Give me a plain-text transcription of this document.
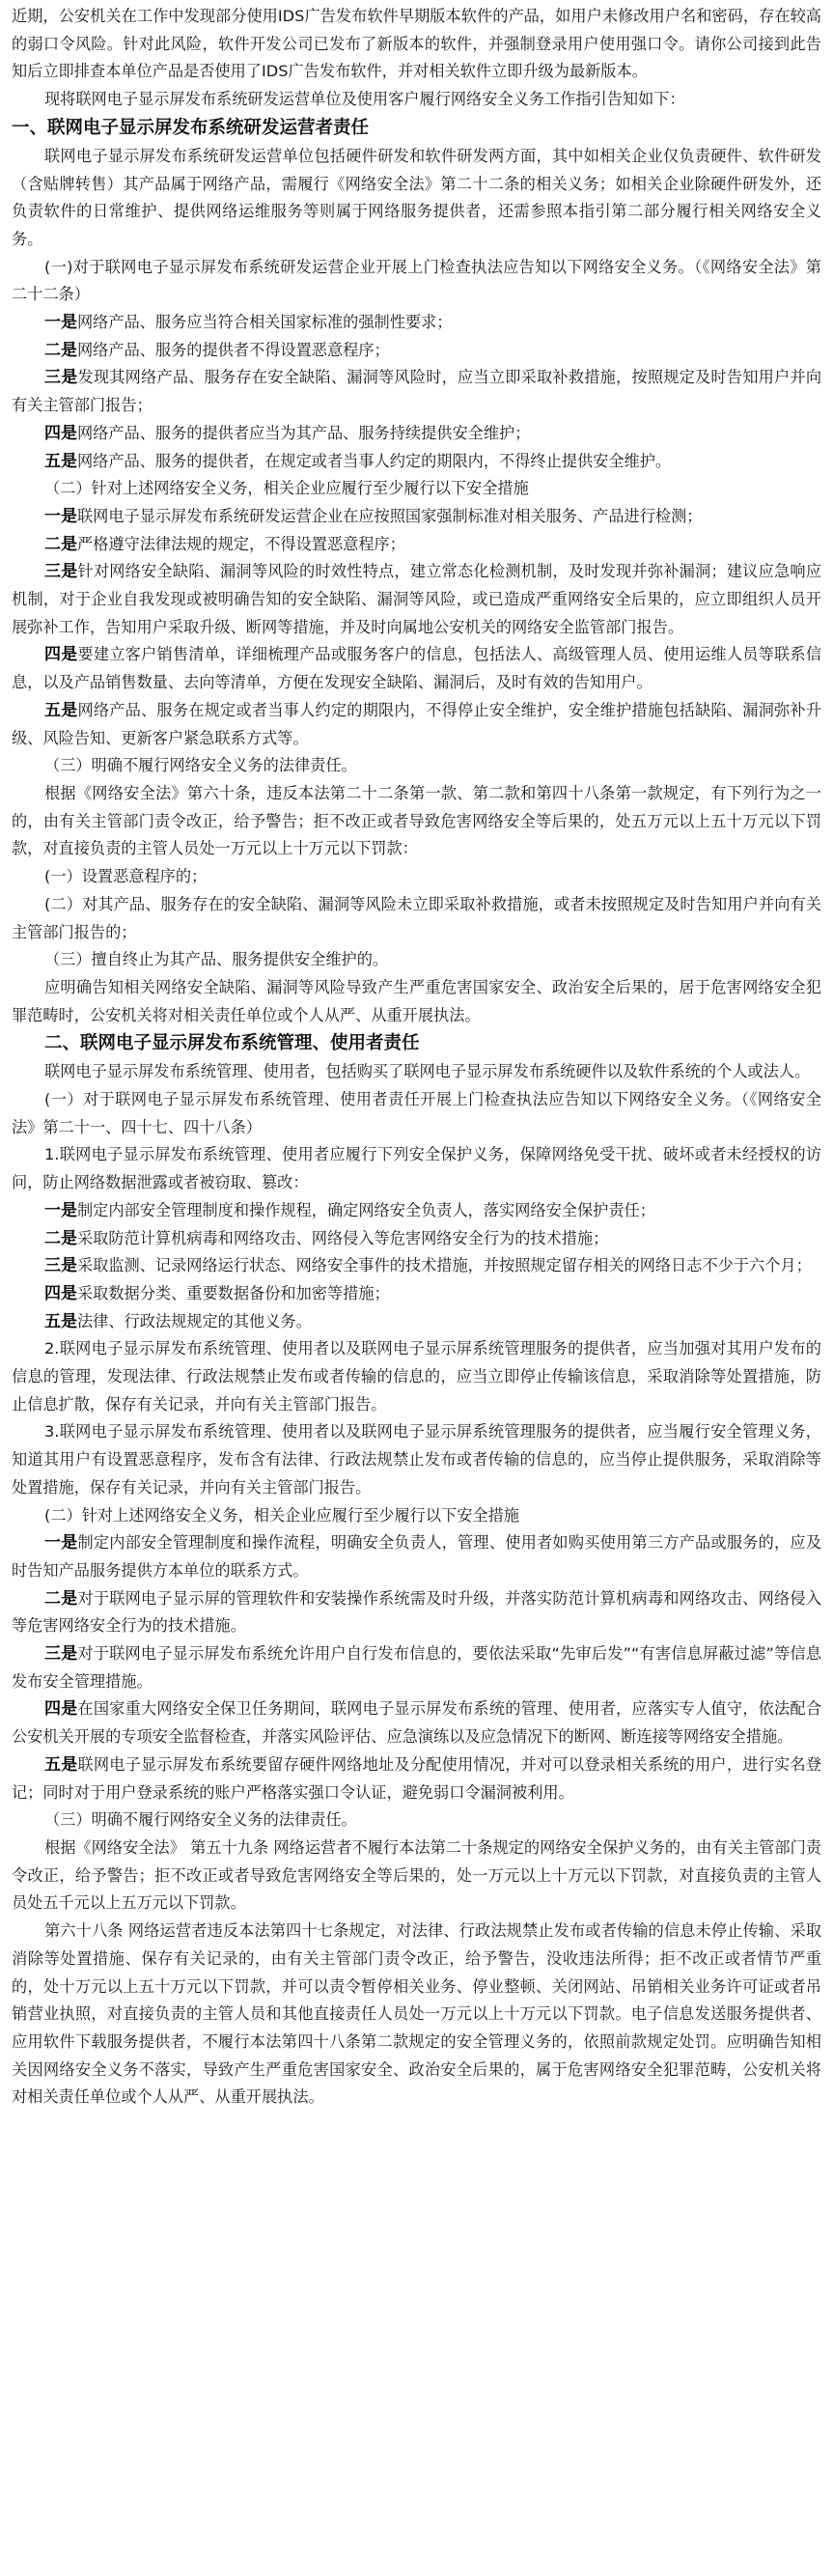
近期，公安机关在工作中发现部分使用IDS广告发布软件早期版本软件的产品，如用户未修改用户名和密码，存在较高的弱口令风险。针对此风险，软件开发公司已发布了新版本的软件，并强制登录用户使用强口令。请你公司接到此告知后立即排查本单位产品是否使用了IDS广告发布软件，并对相关软件立即升级为最新版本。

现将联网电子显示屏发布系统研发运营单位及使用客户履行网络安全义务工作指引告知如下：

一、联网电子显示屏发布系统研发运营者责任

联网电子显示屏发布系统研发运营单位包括硬件研发和软件研发两方面，其中如相关企业仅负责硬件、软件研发（含贴牌转售）其产品属于网络产品，需履行《网络安全法》第二十二条的相关义务；如相关企业除硬件研发外，还负责软件的日常维护、提供网络运维服务等则属于网络服务提供者，还需参照本指引第二部分履行相关网络安全义务。

(一)对于联网电子显示屏发布系统研发运营企业开展上门检查执法应告知以下网络安全义务。（《网络安全法》第二十二条）

一是网络产品、服务应当符合相关国家标准的强制性要求；

二是网络产品、服务的提供者不得设置恶意程序；

三是发现其网络产品、服务存在安全缺陷、漏洞等风险时，应当立即采取补救措施，按照规定及时告知用户并向有关主管部门报告；

四是网络产品、服务的提供者应当为其产品、服务持续提供安全维护；

五是网络产品、服务的提供者，在规定或者当事人约定的期限内，不得终止提供安全维护。

（二）针对上述网络安全义务，相关企业应履行至少履行以下安全措施

一是联网电子显示屏发布系统研发运营企业在应按照国家强制标准对相关服务、产品进行检测；

二是严格遵守法律法规的规定，不得设置恶意程序；

三是针对网络安全缺陷、漏洞等风险的时效性特点，建立常态化检测机制，及时发现并弥补漏洞；建议应急响应机制，对于企业自我发现或被明确告知的安全缺陷、漏洞等风险，或已造成严重网络安全后果的，应立即组织人员开展弥补工作，告知用户采取升级、断网等措施，并及时向属地公安机关的网络安全监管部门报告。

四是要建立客户销售清单，详细梳理产品或服务客户的信息，包括法人、高级管理人员、使用运维人员等联系信息，以及产品销售数量、去向等清单，方便在发现安全缺陷、漏洞后，及时有效的告知用户。

五是网络产品、服务在规定或者当事人约定的期限内，不得停止安全维护，安全维护措施包括缺陷、漏洞弥补升级、风险告知、更新客户紧急联系方式等。

（三）明确不履行网络安全义务的法律责任。

根据《网络安全法》第六十条，违反本法第二十二条第一款、第二款和第四十八条第一款规定，有下列行为之一的，由有关主管部门责令改正，给予警告；拒不改正或者导致危害网络安全等后果的，处五万元以上五十万元以下罚款，对直接负责的主管人员处一万元以上十万元以下罚款：

(一）设置恶意程序的；

(二）对其产品、服务存在的安全缺陷、漏洞等风险未立即采取补救措施，或者未按照规定及时告知用户并向有关主管部门报告的；

（三）擅自终止为其产品、服务提供安全维护的。

应明确告知相关网络安全缺陷、漏洞等风险导致产生严重危害国家安全、政治安全后果的，居于危害网络安全犯罪范畴时，公安机关将对相关责任单位或个人从严、从重开展执法。

二、联网电子显示屏发布系统管理、使用者责任

联网电子显示屏发布系统管理、使用者，包括购买了联网电子显示屏发布系统硬件以及软件系统的个人或法人。

(一）对于联网电子显示屏发布系统管理、使用者责任开展上门检查执法应告知以下网络安全义务。（《网络安全法》第二十一、四十七、四十八条）

1.联网电子显示屏发布系统管理、使用者应履行下列安全保护义务，保障网络免受干扰、破坏或者未经授权的访问，防止网络数据泄露或者被窃取、篡改：

一是制定内部安全管理制度和操作规程，确定网络安全负责人，落实网络安全保护责任；

二是采取防范计算机病毒和网络攻击、网络侵入等危害网络安全行为的技术措施；

三是采取监测、记录网络运行状态、网络安全事件的技术措施，并按照规定留存相关的网络日志不少于六个月；

四是采取数据分类、重要数据备份和加密等措施；

五是法律、行政法规规定的其他义务。

2.联网电子显示屏发布系统管理、使用者以及联网电子显示屏系统管理服务的提供者，应当加强对其用户发布的信息的管理，发现法律、行政法规禁止发布或者传输的信息的，应当立即停止传输该信息，采取消除等处置措施，防止信息扩散，保存有关记录，并向有关主管部门报告。

3.联网电子显示屏发布系统管理、使用者以及联网电子显示屏系统管理服务的提供者，应当履行安全管理义务，知道其用户有设置恶意程序，发布含有法律、行政法规禁止发布或者传输的信息的，应当停止提供服务，采取消除等处置措施，保存有关记录，并向有关主管部门报告。

(二）针对上述网络安全义务，相关企业应履行至少履行以下安全措施

一是制定内部安全管理制度和操作流程，明确安全负责人，管理、使用者如购买使用第三方产品或服务的，应及时告知产品服务提供方本单位的联系方式。

二是对于联网电子显示屏的管理软件和安装操作系统需及时升级，并落实防范计算机病毒和网络攻击、网络侵入等危害网络安全行为的技术措施。

三是对于联网电子显示屏发布系统允许用户自行发布信息的，要依法采取“先审后发”“有害信息屏蔽过滤”等信息发布安全管理措施。

四是在国家重大网络安全保卫任务期间，联网电子显示屏发布系统的管理、使用者，应落实专人值守，依法配合公安机关开展的专项安全监督检查，并落实风险评估、应急演练以及应急情况下的断网、断连接等网络安全措施。

五是联网电子显示屏发布系统要留存硬件网络地址及分配使用情况，并对可以登录相关系统的用户，进行实名登记；同时对于用户登录系统的账户严格落实强口令认证，避免弱口令漏洞被利用。

（三）明确不履行网络安全义务的法律责任。

根据《网络安全法》 第五十九条 网络运营者不履行本法第二十条规定的网络安全保护义务的，由有关主管部门责令改正，给予警告；拒不改正或者导致危害网络安全等后果的，处一万元以上十万元以下罚款，对直接负责的主管人员处五千元以上五万元以下罚款。

第六十八条 网络运营者违反本法第四十七条规定，对法律、行政法规禁止发布或者传输的信息未停止传输、采取消除等处置措施、保存有关记录的，由有关主管部门责令改正，给予警告，没收违法所得；拒不改正或者情节严重的，处十万元以上五十万元以下罚款，并可以责令暂停相关业务、停业整顿、关闭网站、吊销相关业务许可证或者吊销营业执照，对直接负责的主管人员和其他直接责任人员处一万元以上十万元以下罚款。电子信息发送服务提供者、应用软件下载服务提供者，不履行本法第四十八条第二款规定的安全管理义务的，依照前款规定处罚。应明确告知相关因网络安全义务不落实，导致产生严重危害国家安全、政治安全后果的，属于危害网络安全犯罪范畴，公安机关将对相关责任单位或个人从严、从重开展执法。
